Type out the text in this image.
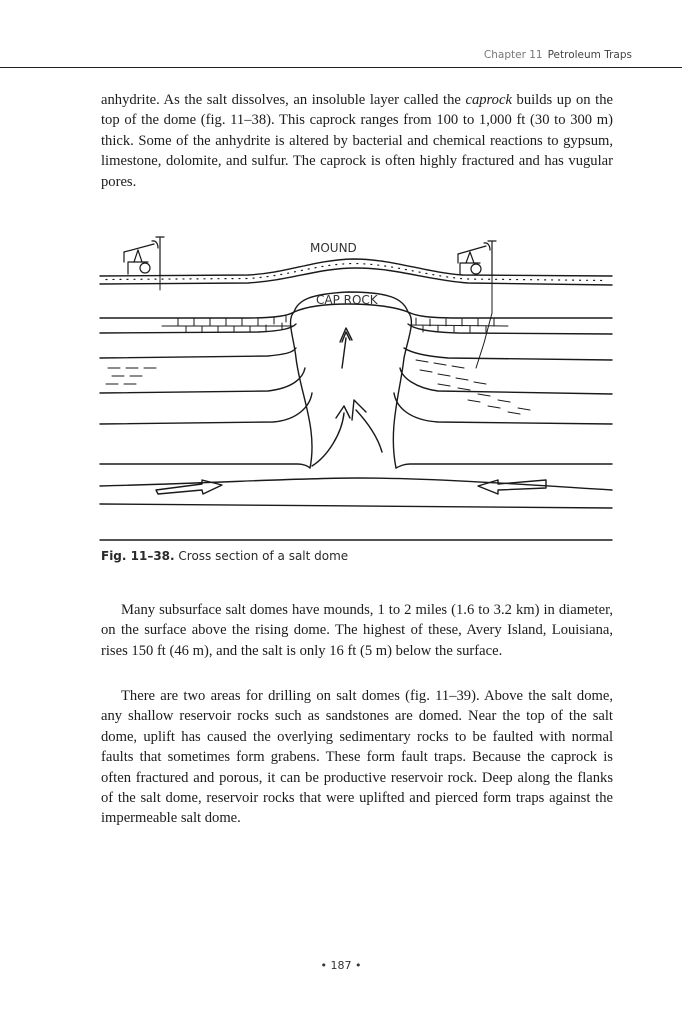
Chapter 11 Petroleum Traps

anhydrite. As the salt dissolves, an insoluble layer called the caprock builds up on the top of the dome (fig. 11–38). This caprock ranges from 100 to 1,000 ft (30 to 300 m) thick. Some of the anhydrite is altered by bacterial and chemical reactions to gypsum, limestone, dolomite, and sulfur. The caprock is often highly fractured and has vugular pores.

MOUND
CAP ROCK
Fig. 11–38. Cross section of a salt dome

Many subsurface salt domes have mounds, 1 to 2 miles (1.6 to 3.2 km) in diameter, on the surface above the rising dome. The highest of these, Avery Island, Louisiana, rises 150 ft (46 m), and the salt is only 16 ft (5 m) below the surface.

There are two areas for drilling on salt domes (fig. 11–39). Above the salt dome, any shallow reservoir rocks such as sandstones are domed. Near the top of the salt dome, uplift has caused the overlying sedimentary rocks to be faulted with normal faults that sometimes form grabens. These form fault traps. Because the caprock is often fractured and porous, it can be productive reservoir rock. Deep along the flanks of the salt dome, reservoir rocks that were uplifted and pierced form traps against the impermeable salt dome.

• 187 •
